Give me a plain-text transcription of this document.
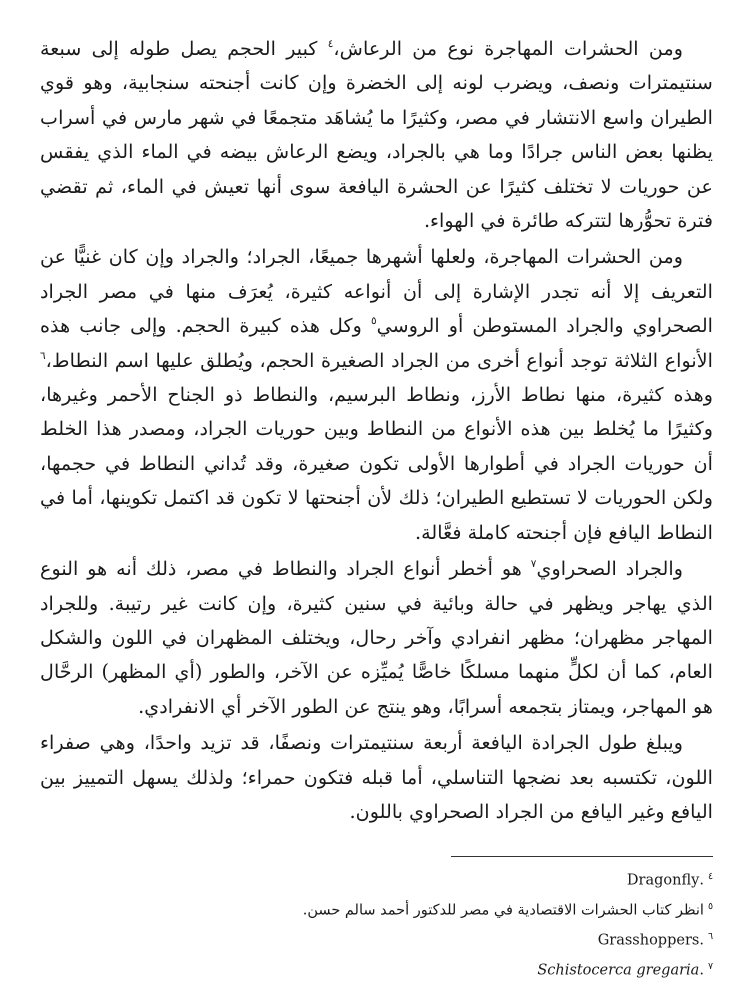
ومن الحشرات المهاجرة نوع من الرعاش،$^٤$ كبير الحجم يصل طوله إلى سبعة سنتيمترات ونصف، ويضرب لونه إلى الخضرة وإن كانت أجنحته سنجابية، وهو قوي الطيران واسع الانتشار في مصر، وكثيرًا ما يُشاهَد متجمعًا في شهر مارس في أسراب يظنها بعض الناس جرادًا وما هي بالجراد، ويضع الرعاش بيضه في الماء الذي يفقس عن حوريات لا تختلف كثيرًا عن الحشرة اليافعة سوى أنها تعيش في الماء، ثم تقضي فترة تحوُّرها لتتركه طائرة في الهواء.

ومن الحشرات المهاجرة، ولعلها أشهرها جميعًا، الجراد؛ والجراد وإن كان غنيًّا عن التعريف إلا أنه تجدر الإشارة إلى أن أنواعه كثيرة، يُعرَف منها في مصر الجراد الصحراوي والجراد المستوطن أو الروسي$^٥$ وكل هذه كبيرة الحجم. وإلى جانب هذه الأنواع الثلاثة توجد أنواع أخرى من الجراد الصغيرة الحجم، ويُطلق عليها اسم النطاط،$^٦$ وهذه كثيرة، منها نطاط الأرز، ونطاط البرسيم، والنطاط ذو الجناح الأحمر وغيرها، وكثيرًا ما يُخلط بين هذه الأنواع من النطاط وبين حوريات الجراد، ومصدر هذا الخلط أن حوريات الجراد في أطوارها الأولى تكون صغيرة، وقد تُداني النطاط في حجمها، ولكن الحوريات لا تستطيع الطيران؛ ذلك لأن أجنحتها لا تكون قد اكتمل تكوينها، أما في النطاط اليافع فإن أجنحته كاملة فعَّالة.

والجراد الصحراوي$^٧$ هو أخطر أنواع الجراد والنطاط في مصر، ذلك أنه هو النوع الذي يهاجر ويظهر في حالة وبائية في سنين كثيرة، وإن كانت غير رتيبة. وللجراد المهاجر مظهران؛ مظهر انفرادي وآخر رحال، ويختلف المظهران في اللون والشكل العام، كما أن لكلٍّ منهما مسلكًا خاصًّا يُميِّزه عن الآخر، والطور (أي المظهر) الرحَّال هو المهاجر، ويمتاز بتجمعه أسرابًا، وهو ينتج عن الطور الآخر أي الانفرادي.

ويبلغ طول الجرادة اليافعة أربعة سنتيمترات ونصفًا، قد تزيد واحدًا، وهي صفراء اللون، تكتسبه بعد نضجها التناسلي، أما قبله فتكون حمراء؛ ولذلك يسهل التمييز بين اليافع وغير اليافع من الجراد الصحراوي باللون.

$^٤$.Dragonfly

$^٥$انظر كتاب الحشرات الاقتصادية في مصر للدكتور أحمد سالم حسن.

$^٦$.Grasshoppers

$^٧$.Schistocerca gregaria
